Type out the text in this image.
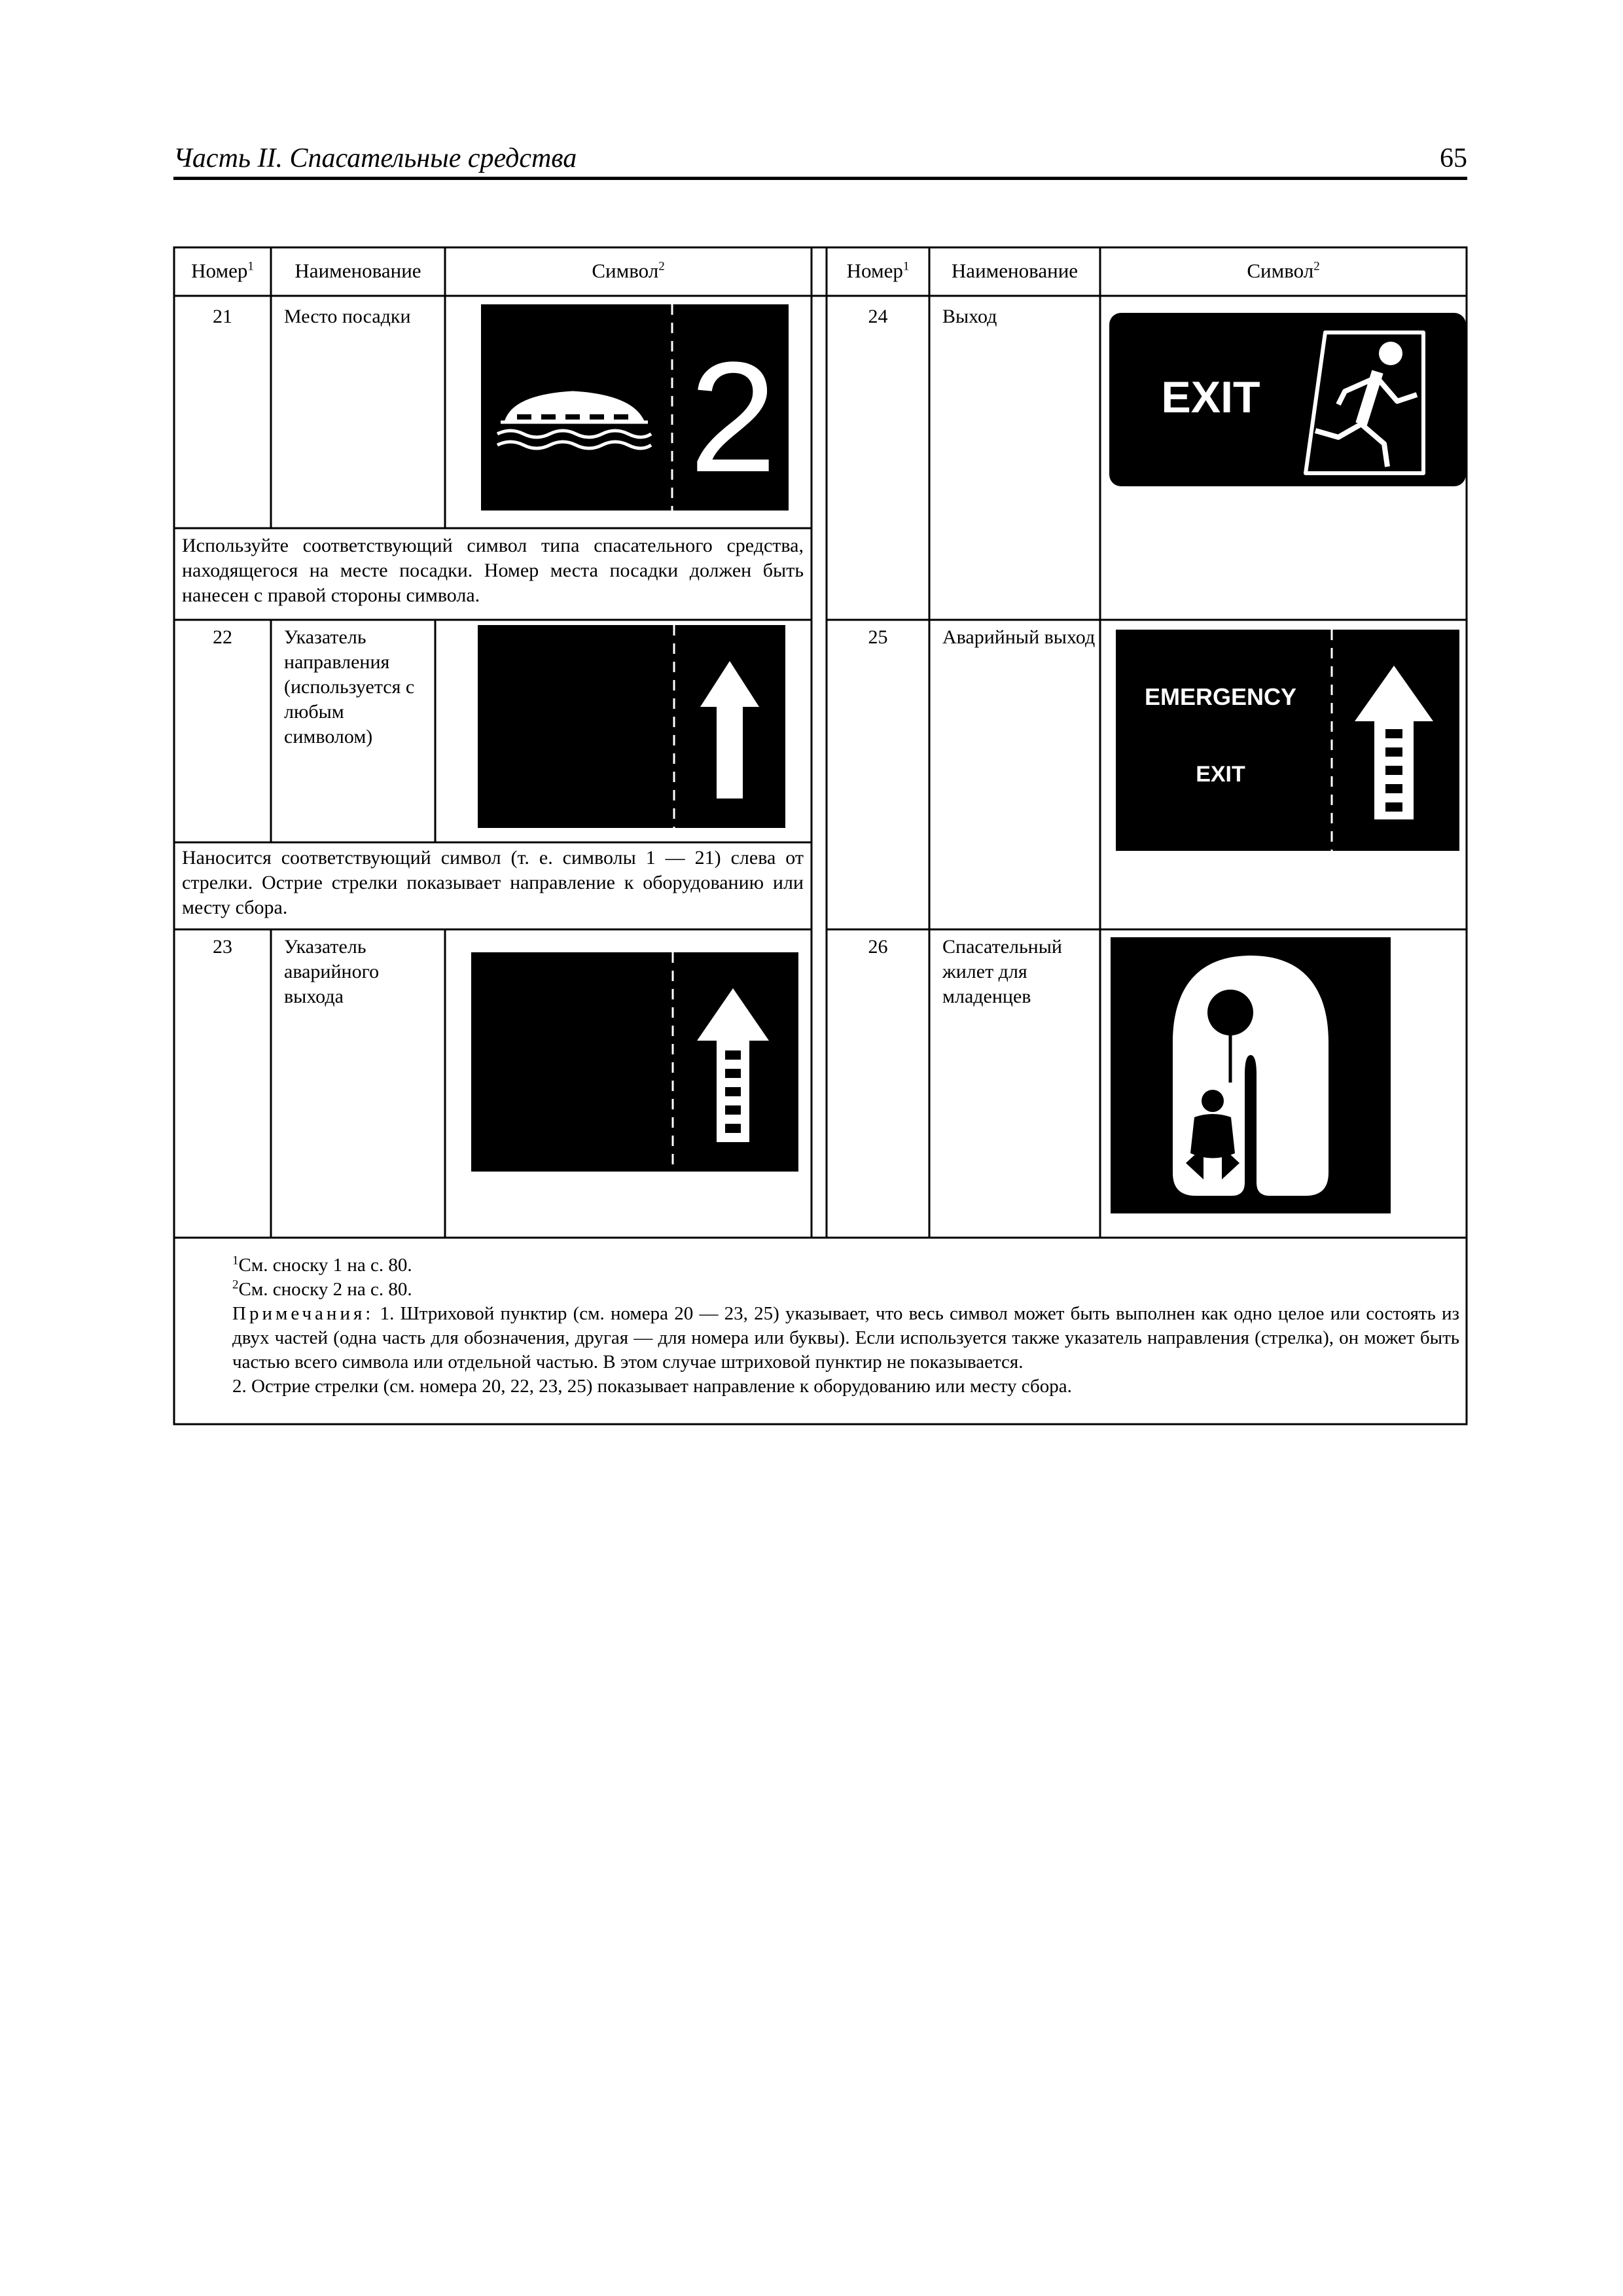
Часть II. Спасательные средства	65
Номер$^1$	Наименование	Символ$^2$	Номер$^1$	Наименование	Символ$^2$
21	Место посадки
2
Используйте соответствующий символ типа спасательного средства, находящегося на месте посадки. Номер места посадки должен быть нанесен с правой стороны символа.
22	Указатель направления (используется с любым символом)
Наносится соответствующий символ (т. е. символы 1 — 21) слева от стрелки. Острие стрелки показывает направление к оборудованию или месту сбора.
23	Указатель аварийного выхода
24	Выход
EXIT
25	Аварийный выход
EMERGENCY
EXIT
26	Спасательный жилет для младенцев

$^1$См. сноску 1 на с. 80.

$^2$См. сноску 2 на с. 80.

Примечания: 1. Штриховой пунктир (см. номера 20 — 23, 25) указывает, что весь символ может быть выполнен как одно целое или состоять из двух частей (одна часть для обозначения, другая — для номера или буквы). Если используется также указатель направления (стрелка), он может быть частью всего символа или отдельной частью. В этом случае штриховой пунктир не показывается.

2. Острие стрелки (см. номера 20, 22, 23, 25) показывает направление к оборудованию или месту сбора.
